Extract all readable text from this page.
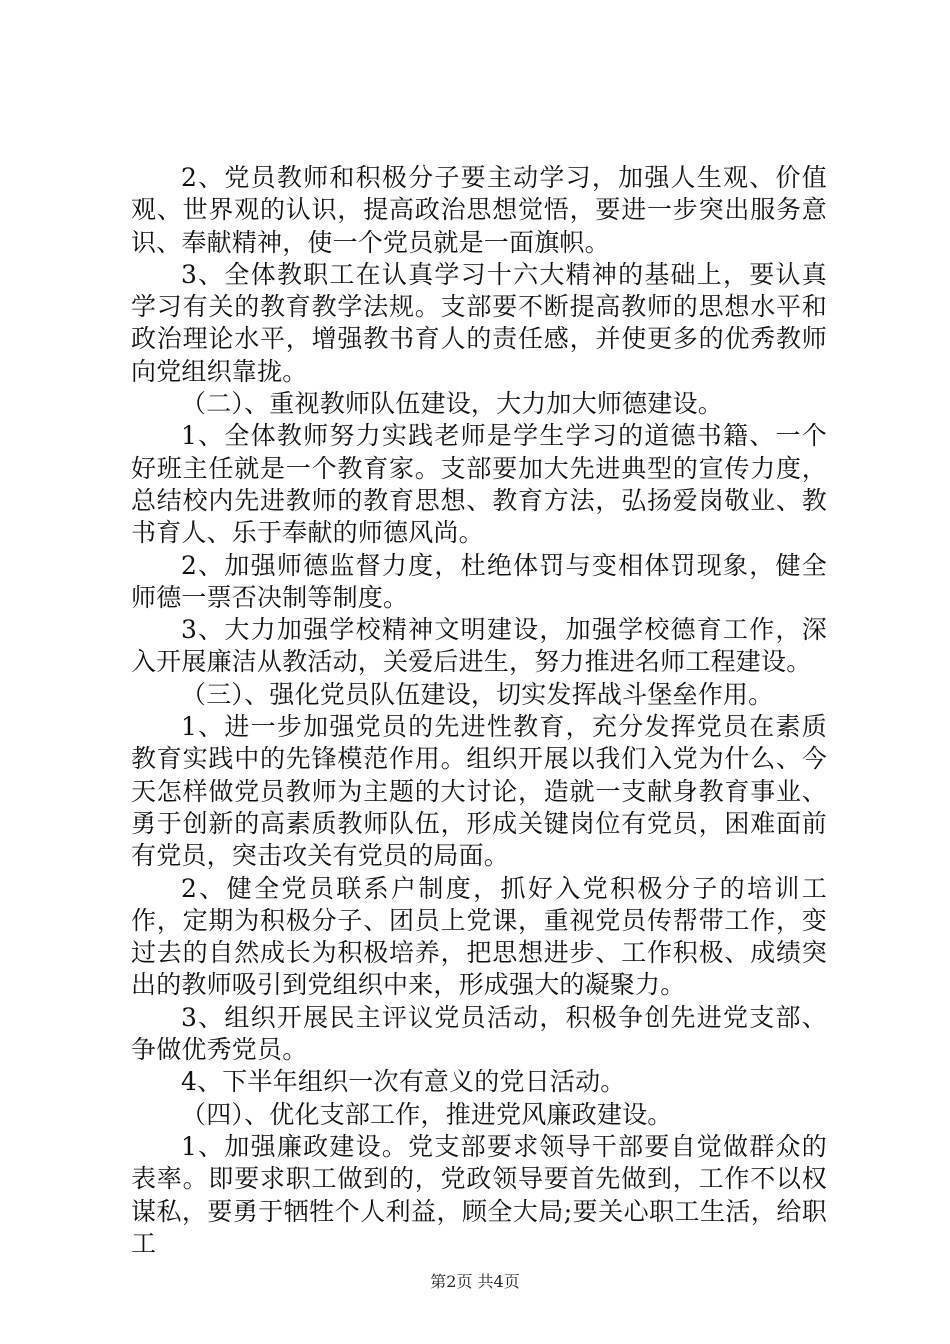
2、党员教师和积极分子要主动学习，加强人生观、价值观、世界观的认识，提高政治思想觉悟，要进一步突出服务意识、奉献精神，使一个党员就是一面旗帜。

3、全体教职工在认真学习十六大精神的基础上，要认真学习有关的教育教学法规。支部要不断提高教师的思想水平和政治理论水平，增强教书育人的责任感，并使更多的优秀教师向党组织靠拢。

（二）、重视教师队伍建设，大力加大师德建设。

1、全体教师努力实践老师是学生学习的道德书籍、一个好班主任就是一个教育家。支部要加大先进典型的宣传力度，总结校内先进教师的教育思想、教育方法，弘扬爱岗敬业、教书育人、乐于奉献的师德风尚。

2、加强师德监督力度，杜绝体罚与变相体罚现象，健全师德一票否决制等制度。

3、大力加强学校精神文明建设，加强学校德育工作，深入开展廉洁从教活动，关爱后进生，努力推进名师工程建设。

（三）、强化党员队伍建设，切实发挥战斗堡垒作用。

1、进一步加强党员的先进性教育，充分发挥党员在素质教育实践中的先锋模范作用。组织开展以我们入党为什么、今天怎样做党员教师为主题的大讨论，造就一支献身教育事业、勇于创新的高素质教师队伍，形成关键岗位有党员，困难面前有党员，突击攻关有党员的局面。

2、健全党员联系户制度，抓好入党积极分子的培训工作，定期为积极分子、团员上党课，重视党员传帮带工作，变过去的自然成长为积极培养，把思想进步、工作积极、成绩突出的教师吸引到党组织中来，形成强大的凝聚力。

3、组织开展民主评议党员活动，积极争创先进党支部、争做优秀党员。

4、下半年组织一次有意义的党日活动。

（四）、优化支部工作，推进党风廉政建设。

1、加强廉政建设。党支部要求领导干部要自觉做群众的表率。即要求职工做到的，党政领导要首先做到，工作不以权谋私，要勇于牺牲个人利益，顾全大局;要关心职工生活，给职工

第2页 共4页
